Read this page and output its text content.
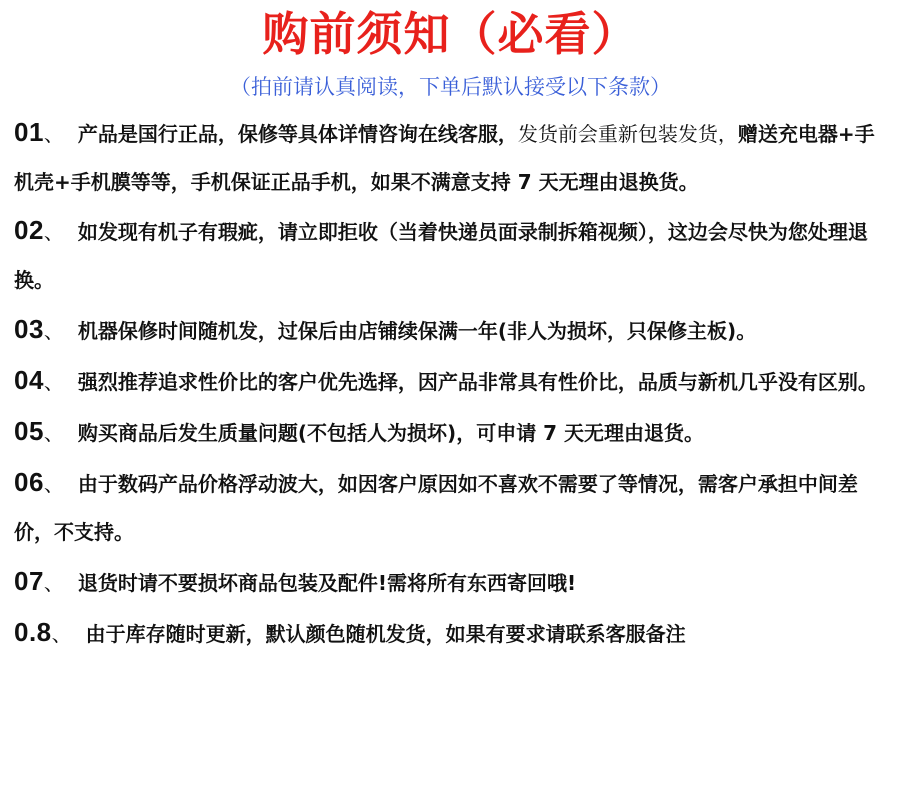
购前须知（必看）
（拍前请认真阅读，下单后默认接受以下条款）

01、 产品是国行正品，保修等具体详情咨询在线客服，发货前会重新包装发货，赠送充电器+手机壳+手机膜等等，手机保证正品手机，如果不满意支持 7 天无理由退换货。

02、 如发现有机子有瑕疵，请立即拒收（当着快递员面录制拆箱视频），这边会尽快为您处理退换。

03、 机器保修时间随机发，过保后由店铺续保满一年(非人为损坏，只保修主板)。

04、 强烈推荐追求性价比的客户优先选择，因产品非常具有性价比，品质与新机几乎没有区别。

05、 购买商品后发生质量问题(不包括人为损坏)，可申请 7 天无理由退货。

06、 由于数码产品价格浮动波大，如因客户原因如不喜欢不需要了等情况，需客户承担中间差价，不支持。

07、 退货时请不要损坏商品包装及配件!需将所有东西寄回哦!

0.8、 由于库存随时更新，默认颜色随机发货，如果有要求请联系客服备注
